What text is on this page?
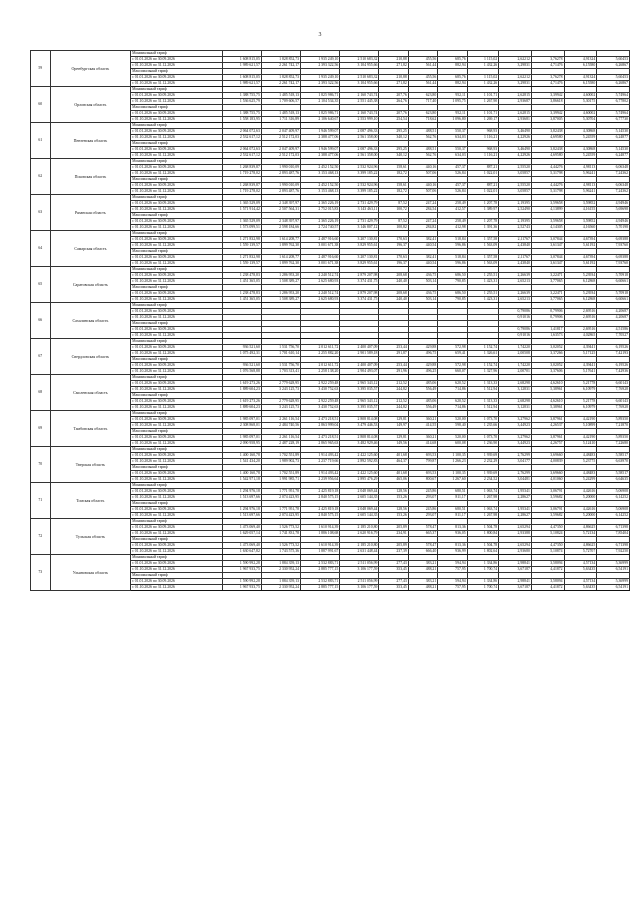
3
59	Оренбургская область	Минимальный тариф												
		с 01.01.2026 по 30.09.2026	1 608 815,05	1 828 852,73	1 935 249,10	2 510 683,32	210,88	455,56	685,76	1 115,02	2,62212	3,76278	4,91324	5,60453
		с 01.10.2026 по 31.12.2026	1 989 621,57	2 261 742,17	2 393 322,56	3 104 955,66	271,82	561,44	882,94	1 432,26	3,29831	4,71476	6,15580	6,26867
		Максимальный тариф												
		с 01.01.2026 по 30.09.2026	1 608 815,05	1 828 852,73	1 935 249,10	2 510 683,32	210,88	455,56	685,76	1 115,02	2,62212	3,76278	4,91324	5,60453
		с 01.10.2026 по 31.12.2026	1 989 621,57	2 261 742,17	2 393 322,56	3 104 955,66	271,82	561,44	882,94	1 432,26	3,29831	4,71476	6,15580	6,26867
60	Орловская область	Минимальный тариф												
		с 01.01.2026 по 30.09.2026	1 388 755,75	1 485 518,13	1 825 986,71	2 160 743,74	207,76	623,80	952,11	1 101,71	2,62815	3,39942	4,60002	5,74964
		с 01.10.2026 по 31.12.2026	1 536 625,79	1 709 606,57	2 104 534,35	2 551 445,38	264,76	717,40	1 095,75	1 267,90	2,93687	3,86618	5,30175	6,77802
		Максимальный тариф												
		с 01.01.2026 по 30.09.2026	1 388 755,75	1 485 518,13	1 825 986,71	2 160 743,74	207,76	623,80	952,11	1 101,71	2,62815	3,39942	4,60002	5,74964
		с 01.10.2026 по 31.12.2026	1 558 183,95	1 711 316,89	2 106 640,67	2 553 999,10	254,54	718,62	1 096,80	1 269,17	2,93681	3,87005	5,30704	6,77730
61	Пензенская область	Минимальный тариф												
		с 01.01.2026 по 30.09.2026	2 064 072,63	2 047 409,97	1 946 599,07	2 087 496,33	295,25	488,51	550,37	968,93	3,46490	3,82438	4,30868	5,14530
		с 01.10.2026 по 31.12.2026	2 532 617,12	2 512 172,03	2 388 477,06	2 561 358,00	340,12	562,76	634,03	1 116,21	4,22926	4,69580	5,24559	6,24877
		Максимальный тариф												
		с 01.01.2026 по 30.09.2026	2 064 072,63	2 047 409,97	1 946 599,07	2 087 496,33	295,25	488,51	550,37	968,93	3,46490	3,82438	4,30868	5,14530
		с 01.10.2026 по 31.12.2026	2 532 617,12	2 512 172,03	2 388 477,06	2 561 358,00	340,12	562,76	634,03	1 116,21	4,22926	4,69580	5,24559	6,24877
62	Псковская область	Минимальный тариф												
		с 01.01.2026 по 30.09.2026	1 268 839,87	1 990 010,09	2 452 152,50	2 532 924,96	158,61	440,16	457,37	887,21	2,55520	4,44276	4,98113	6,06348
		с 01.10.2026 по 31.12.2026	1 719 278,02	2 893 487,76	3 153 468,13	3 399 185,22	182,72	507,06	526,84	1 022,01	3,05857	5,31798	5,96241	7,24362
		Максимальный тариф												
		с 01.01.2026 по 30.09.2026	1 268 839,87	1 990 010,09	2 452 152,50	2 532 924,96	158,61	440,16	457,37	887,21	2,55520	4,44276	4,98113	6,06348
		с 01.10.2026 по 31.12.2026	1 719 278,02	2 893 487,76	3 153 468,13	3 399 185,22	182,72	507,06	526,84	1 022,01	3,05857	5,31798	5,96241	7,24362
63	Рязанская область	Минимальный тариф												
		с 01.01.2026 по 30.09.2026	1 365 529,09	2 348 397,97	2 365 226,19	2 731 429,79	87,52	247,24	258,49	1 207,78	2,19395	3,59658	3,59852	4,94946
		с 01.10.2026 по 31.12.2026	1 571 914,42	2 507 564,31	2 752 015,83	3 143 463,11	100,72	284,54	412,57	1 389,97	2,52490	4,13899	4,16155	5,69698
		Максимальный тариф												
		с 01.01.2026 по 30.09.2026	1 365 529,09	2 348 397,97	2 365 226,19	2 731 429,79	87,52	247,24	258,49	1 207,78	2,19395	3,59658	3,59852	4,94946
		с 01.10.2026 по 31.12.2026	1 573 099,51	2 598 184,66	2 724 740,57	3 146 807,12	100,82	284,82	412,98	1 391,36	2,52743	4,14305	4,16560	5,70198
64	Самарская область	Минимальный тариф												
		с 01.01.2026 по 30.09.2026	1 271 832,98	1 614 208,77	2 487 916,60	3 207 130,81	170,63	382,41	518,84	1 357,58	2,11767	3,07844	4,67394	6,69388
		с 01.10.2026 по 31.12.2026	1 559 139,57	1 899 762,30	3 001 671,38	3 829 955,61	196,37	440,54	596,86	1 563,09	2,43840	3,61347	5,61192	7,93760
		Максимальный тариф												
		с 01.01.2026 по 30.09.2026	1 271 832,98	1 614 208,77	2 487 916,60	3 207 130,81	170,63	382,41	518,84	1 357,58	2,11767	3,07844	4,67394	6,69388
		с 01.10.2026 по 31.12.2026	1 559 139,57	1 899 762,30	3 001 671,38	3 829 955,61	196,37	440,54	596,86	1 563,09	2,43840	3,61347	5,61192	7,93760
65	Саратовская область	Минимальный тариф												
		с 01.01.2026 по 30.09.2026	1 238 478,83	1 286 953,20	2 240 512,74	2 879 207,98	208,68	436,75	686,50	1 255,51	2,26639	3,22471	5,23934	5,70918
		с 01.10.2026 по 31.12.2026	1 451 365,05	1 508 389,27	2 625 680,93	3 374 431,75	240,40	503,14	790,85	1 423,31	2,65213	3,77065	6,12868	6,60661
		Максимальный тариф												
		с 01.01.2026 по 30.09.2026	1 238 478,83	1 286 953,20	2 240 512,74	2 879 207,98	208,68	436,75	686,50	1 255,51	2,26639	3,22471	5,23934	5,70918
		с 01.10.2026 по 31.12.2026	1 451 365,05	1 508 389,27	2 625 680,93	3 374 431,75	240,40	503,14	790,85	1 423,31	2,65213	3,77065	6,12868	6,60661
66	Сахалинская область	Минимальный тариф												
		с 01.01.2026 по 30.09.2026									0,79086	0,79906	2,69516	4,20687
		с 01.10.2026 по 31.12.2026									0,91016	0,79906	2,69516	4,20687
		Максимальный тариф												
		с 01.01.2026 по 30.09.2026									0,79086	1,41817	2,69516	4,51586
		с 01.10.2026 по 31.12.2026									0,91016	1,63573	4,02865	7,70527
67	Свердловская область	Минимальный тариф												
		с 01.01.2026 по 30.09.2026	936 521,60	1 531 756,70	2 012 611,72	2 400 407,09	253,44	429,88	572,98	1 152,74	1,74220	3,02052	4,39441	6,19526
		с 01.10.2026 по 31.12.2026	1 075 492,31	1 701 610,14	2 255 882,20	2 901 589,18	291,87	496,75	659,41	1 326,61	2,00508	3,37266	5,17125	7,42193
		Максимальный тариф												
		с 01.01.2026 по 30.09.2026	936 521,60	1 531 756,70	2 012 611,72	2 400 407,09	253,44	429,88	572,98	1 152,74	1,74220	3,02052	4,39441	6,19526
		с 01.10.2026 по 31.12.2026	1 076 568,88	1 703 313,41	2 258 138,20	2 904 493,07	291,96	496,25	660,07	1 327,96	2,00701	3,37606	5,17641	7,42936
68	Смоленская область	Минимальный тариф												
		с 01.01.2026 по 30.09.2026	1 619 273,26	2 779 628,95	2 922 259,48	2 965 343,12	212,52	485,06	620,52	1 313,33	2,68298	4,62610	5,21778	6,60143
		с 01.10.2026 по 31.12.2026	1 889 604,23	3 243 125,73	3 430 752,63	3 395 035,57	244,82	556,49	714,86	1 512,94	3,12831	5,38961	6,10979	7,76928
		Максимальный тариф												
		с 01.01.2026 по 30.09.2026	1 619 273,26	2 779 628,95	2 922 259,48	2 965 343,12	212,52	485,06	620,52	1 313,33	2,68298	4,62610	5,21778	6,60143
		с 01.10.2026 по 31.12.2026	1 889 604,23	3 243 125,73	3 430 752,63	3 395 035,57	244,82	556,49	714,86	1 512,94	3,12831	5,38961	6,10979	7,76928
69	Тамбовская область	Минимальный тариф												
		с 01.01.2026 по 30.09.2026	1 985 097,01	2 261 116,54	2 473 218,51	2 808 814,08	129,81	360,21	520,00	1 073,70	3,27962	3,87961	4,42190	5,89350
		с 01.10.2026 по 31.12.2026	2 308 868,01	2 484 740,56	2 863 999,04	3 479 446,53	149,97	414,55	598,40	1 235,66	3,44923	4,26537	5,10899	7,21870
		Максимальный тариф												
		с 01.01.2026 по 30.09.2026	1 985 097,01	2 261 116,54	2 473 218,51	2 808 814,08	129,81	360,21	520,00	1 073,70	3,27962	3,87961	4,42190	5,89350
		с 01.10.2026 по 31.12.2026	2 090 958,95	2 487 228,19	2 865 965,63	3 482 929,46	149,56	414,68	600,08	1 236,90	3,44923	4,26757	5,12410	7,22680
70	Тверская область	Минимальный тариф												
		с 01.01.2026 по 30.09.2026	1 400 160,78	1 702 551,89	1 914 493,42	2 422 125,60	401,68	693,53	1 100,35	1 939,69	2,76299	3,69660	4,48483	5,58517
		с 01.10.2026 по 31.12.2026	1 541 434,20	1 989 902,73	2 237 719,66	2 892 592,83	464,37	799,87	1 266,23	2 232,29	3,04177	4,00839	5,23775	6,63970
		Максимальный тариф												
		с 01.01.2026 по 30.09.2026	1 400 160,78	1 702 551,89	1 914 493,42	2 422 125,60	401,68	693,53	1 100,35	1 939,69	2,76299	3,69660	4,48483	5,58517
		с 01.10.2026 по 31.12.2026	1 542 971,18	1 991 985,71	2 239 956,64	2 895 476,29	465,06	800,67	1 267,60	2 234,52	3,04481	4,01060	5,24299	6,64635
71	Томская область	Минимальный тариф												
		с 01.01.2026 по 30.09.2026	1 294 976,18	1 771 951,78	2 425 819,18	2 048 069,44	128,56	245,86	680,51	1 063,74	1,95341	3,06791	4,42616	5,06908
		с 01.10.2026 по 31.12.2026	1 513 697,66	2 074 423,95	2 840 575,15	2 605 144,35	153,26	293,07	811,17	1 267,98	2,28627	3,59682	5,20000	6,14252
		Максимальный тариф												
		с 01.01.2026 по 30.09.2026	1 294 976,18	1 771 951,78	2 425 819,18	2 048 069,44	128,56	245,86	680,51	1 063,74	1,95341	3,06791	4,42616	5,06908
		с 01.10.2026 по 31.12.2026	1 513 697,66	2 074 423,95	2 840 575,15	2 605 144,35	153,26	293,07	811,17	1 267,98	2,28627	3,59682	5,20000	6,14252
72	Тульская область	Минимальный тариф												
		с 01.01.2026 по 30.09.2026	1 473 069,40	1 526 773,52	1 610 914,39	2 185 210,80	205,89	578,47	813,36	1 504,78	2,65294	4,47350	4,86625	6,71398
		с 01.10.2026 по 31.12.2026	1 629 057,14	1 741 831,78	1 886 108,68	2 620 916,79	234,91	665,37	936,05	1 800,84	2,93388	5,10824	5,72134	7,85404
		Максимальный тариф												
		с 01.01.2026 по 30.09.2026	1 473 069,40	1 526 773,52	1 610 914,39	2 185 210,80	205,89	578,47	813,36	1 504,78	2,65294	4,47350	4,86625	6,71398
		с 01.10.2026 по 31.12.2026	1 630 647,82	1 743 575,36	1 887 991,67	2 631 448,44	237,39	666,40	936,99	1 802,64	2,93680	5,10874	5,72707	7,92250
73	Ульяновская область	Минимальный тариф												
		с 01.01.2026 по 30.09.2026	1 590 992,28	1 884 359,13	2 532 883,71	2 511 056,99	277,43	383,21	594,94	1 334,86	2,98841	3,58094	4,57134	5,36999
		с 01.10.2026 по 31.12.2026	1 967 933,75	2 330 952,24	2 885 777,15	3 106 177,59	353,45	488,21	757,95	1 700,74	3,67187	4,41872	5,63435	6,54191
		Максимальный тариф												
		с 01.01.2026 по 30.09.2026	1 590 992,28	1 884 359,13	2 532 883,71	2 511 056,99	277,43	383,21	594,94	1 334,86	2,98841	3,58094	4,57134	5,36999
		с 01.10.2026 по 31.12.2026	1 967 933,75	2 330 952,24	2 885 777,15	3 106 177,59	353,45	488,21	757,95	1 700,74	3,67187	4,41872	5,63435	6,54191
